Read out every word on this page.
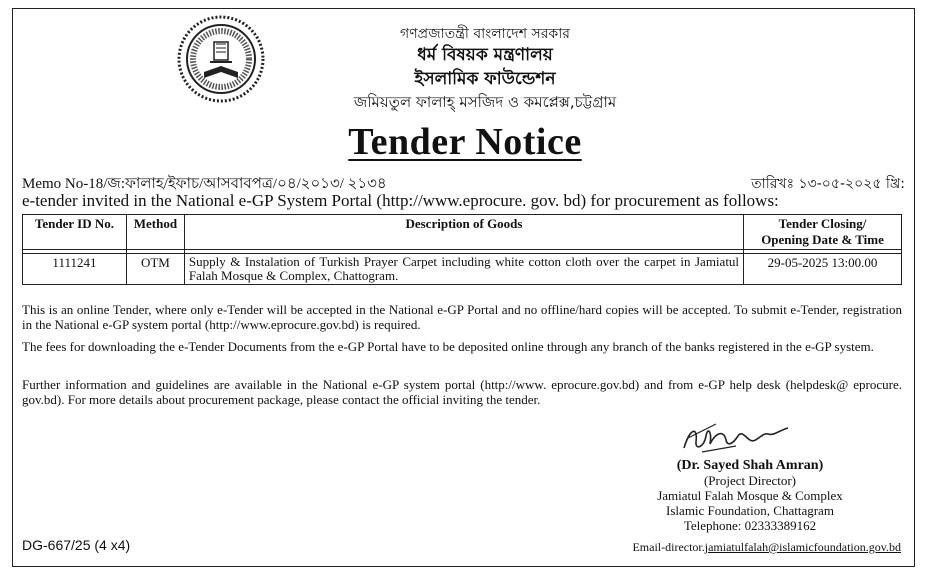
গণপ্রজাতন্ত্রী বাংলাদেশ সরকার
ধর্ম বিষয়ক মন্ত্রণালয়
ইসলামিক ফাউন্ডেশন
জমিয়তুল ফালাহ্ মসজিদ ও কমপ্লেক্স,চট্টগ্রাম
Tender Notice
Memo No-18/জ:ফালাহ/ইফাচ/আসবাবপত্র/০৪/২০১৩/ ২১৩৪	তারিখঃ ১৩-০৫-২০২৫ খ্রি:
e-tender invited in the National e-GP System Portal (http://www.eprocure. gov. bd) for procurement as follows:
Tender ID No.	Method	Description of Goods	Tender Closing/
Opening Date & Time

1111241	OTM	Supply & Instalation of Turkish Prayer Carpet including white cotton cloth over the carpet in Jamiatul Falah Mosque & Complex, Chattogram.	29-05-2025 13:00.00
This is an online Tender, where only e-Tender will be accepted in the National e-GP Portal and no offline/hard copies will be accepted. To submit e-Tender, registration in the National e-GP system portal (http://www.eprocure.gov.bd) is required.
The fees for downloading the e-Tender Documents from the e-GP Portal have to be deposited online through any branch of the banks registered in the e-GP system.
Further information and guidelines are available in the National e-GP system portal (http://www. eprocure.gov.bd) and from e-GP help desk (helpdesk@ eprocure. gov.bd). For more details about procurement package, please contact the official inviting the tender.
(Dr. Sayed Shah Amran)
(Project Director)
Jamiatul Falah Mosque & Complex
Islamic Foundation, Chattagram
Telephone: 02333389162
Email-director.jamiatulfalah@islamicfoundation.gov.bd
DG-667/25 (4 x4)
